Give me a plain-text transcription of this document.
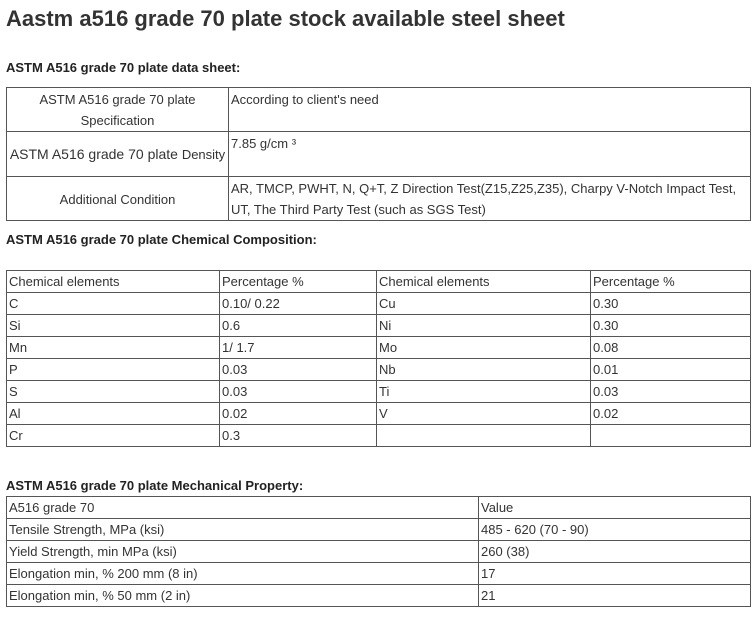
Aastm a516 grade 70 plate stock available steel sheet
ASTM A516 grade 70 plate data sheet:
ASTM A516 grade 70 plate Specification	According to client's need
ASTM A516 grade 70 plate Density	7.85 g/cm ³
Additional Condition	AR, TMCP, PWHT, N, Q+T, Z Direction Test(Z15,Z25,Z35), Charpy V-Notch Impact Test, UT, The Third Party Test (such as SGS Test)
ASTM A516 grade 70 plate Chemical Composition:
Chemical elements	Percentage %	Chemical elements	Percentage %
C	0.10/ 0.22	Cu	0.30
Si	0.6	Ni	0.30
Mn	1/ 1.7	Mo	0.08
P	0.03	Nb	0.01
S	0.03	Ti	0.03
Al	0.02	V	0.02
Cr	0.3		
ASTM A516 grade 70 plate Mechanical Property:
A516 grade 70	Value
Tensile Strength, MPa (ksi)	485 - 620 (70 - 90)
Yield Strength, min MPa (ksi)	260 (38)
Elongation min, % 200 mm (8 in)	17
Elongation min, % 50 mm (2 in)	21
